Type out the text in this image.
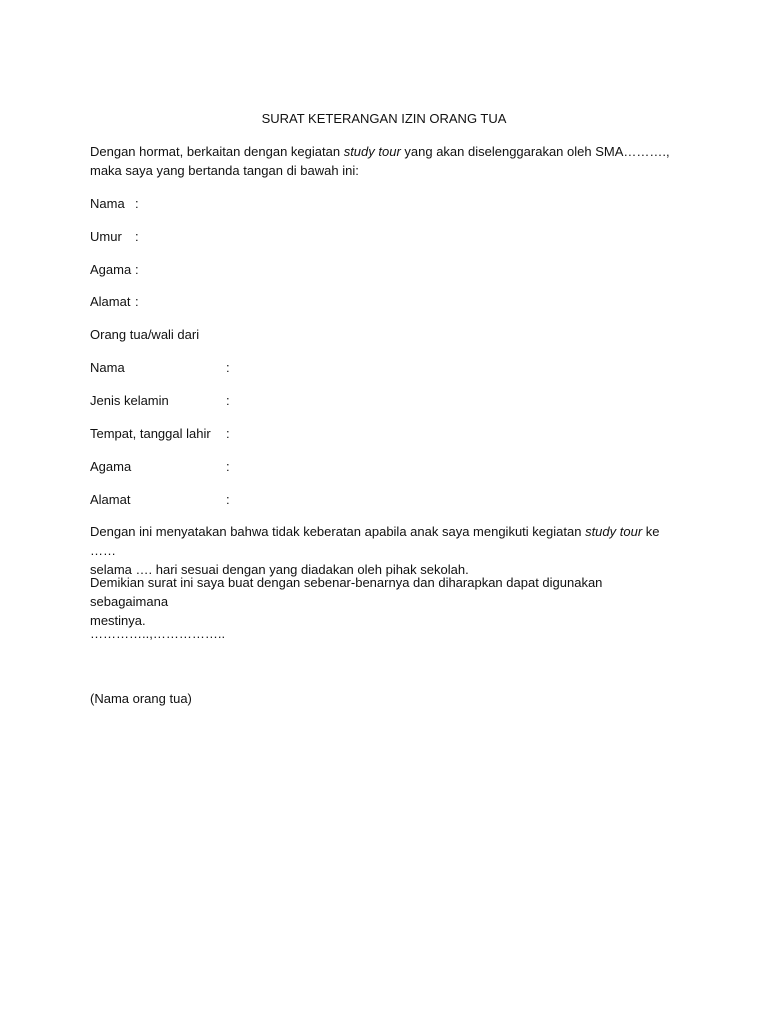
SURAT KETERANGAN IZIN ORANG TUA
Dengan hormat, berkaitan dengan kegiatan study tour yang akan diselenggarakan oleh SMA……….,
maka saya yang bertanda tangan di bawah ini:
Nama :
Umur :
Agama :
Alamat :
Orang tua/wali dari
Nama	:
Jenis kelamin	:
Tempat, tanggal lahir :
Agama	:
Alamat	:
Dengan ini menyatakan bahwa tidak keberatan apabila anak saya mengikuti kegiatan study tour ke ……
selama …. hari sesuai dengan yang diadakan oleh pihak sekolah.
Demikian surat ini saya buat dengan sebenar-benarnya dan diharapkan dapat digunakan sebagaimana
mestinya.
…………..,……………..
(Nama orang tua)
